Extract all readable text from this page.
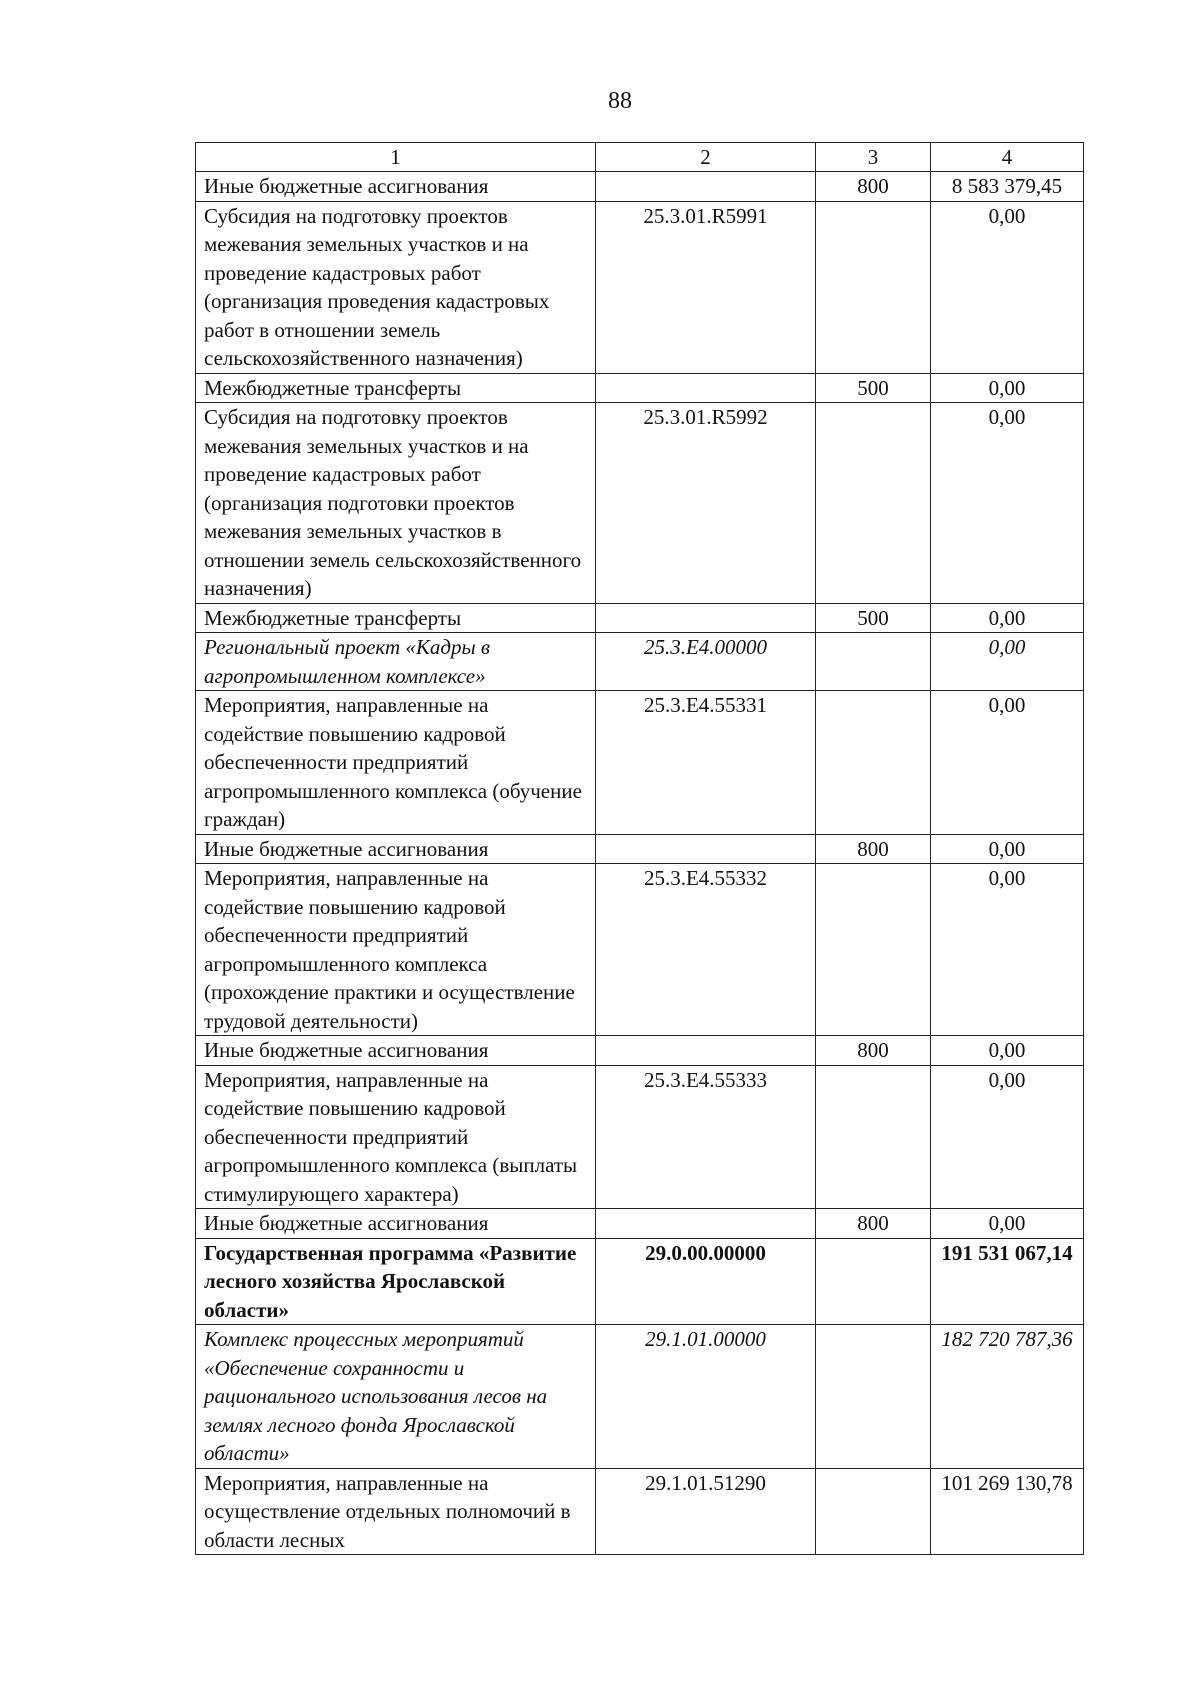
88
1	2	3	4
Иные бюджетные ассигнования		800	8 583 379,45
Субсидия на подготовку проектов межевания земельных участков и на проведение кадастровых работ (организация проведения кадастровых работ в отношении земель сельскохозяйственного назначения)	25.3.01.R5991		0,00
Межбюджетные трансферты		500	0,00
Субсидия на подготовку проектов межевания земельных участков и на проведение кадастровых работ (организация подготовки проектов межевания земельных участков в отношении земель сельскохозяйственного назначения)	25.3.01.R5992		0,00
Межбюджетные трансферты		500	0,00
Региональный проект «Кадры в агропромышленном комплексе»	25.3.E4.00000		0,00
Мероприятия, направленные на содействие повышению кадровой обеспеченности предприятий агропромышленного комплекса (обучение граждан)	25.3.E4.55331		0,00
Иные бюджетные ассигнования		800	0,00
Мероприятия, направленные на содействие повышению кадровой обеспеченности предприятий агропромышленного комплекса (прохождение практики и осуществление трудовой деятельности)	25.3.E4.55332		0,00
Иные бюджетные ассигнования		800	0,00
Мероприятия, направленные на содействие повышению кадровой обеспеченности предприятий агропромышленного комплекса (выплаты стимулирующего характера)	25.3.E4.55333		0,00
Иные бюджетные ассигнования		800	0,00
Государственная программа «Развитие лесного хозяйства Ярославской области»	29.0.00.00000		191 531 067,14
Комплекс процессных мероприятий «Обеспечение сохранности и рационального использования лесов на землях лесного фонда Ярославской области»	29.1.01.00000		182 720 787,36
Мероприятия, направленные на осуществление отдельных полномочий в области лесных	29.1.01.51290		101 269 130,78
